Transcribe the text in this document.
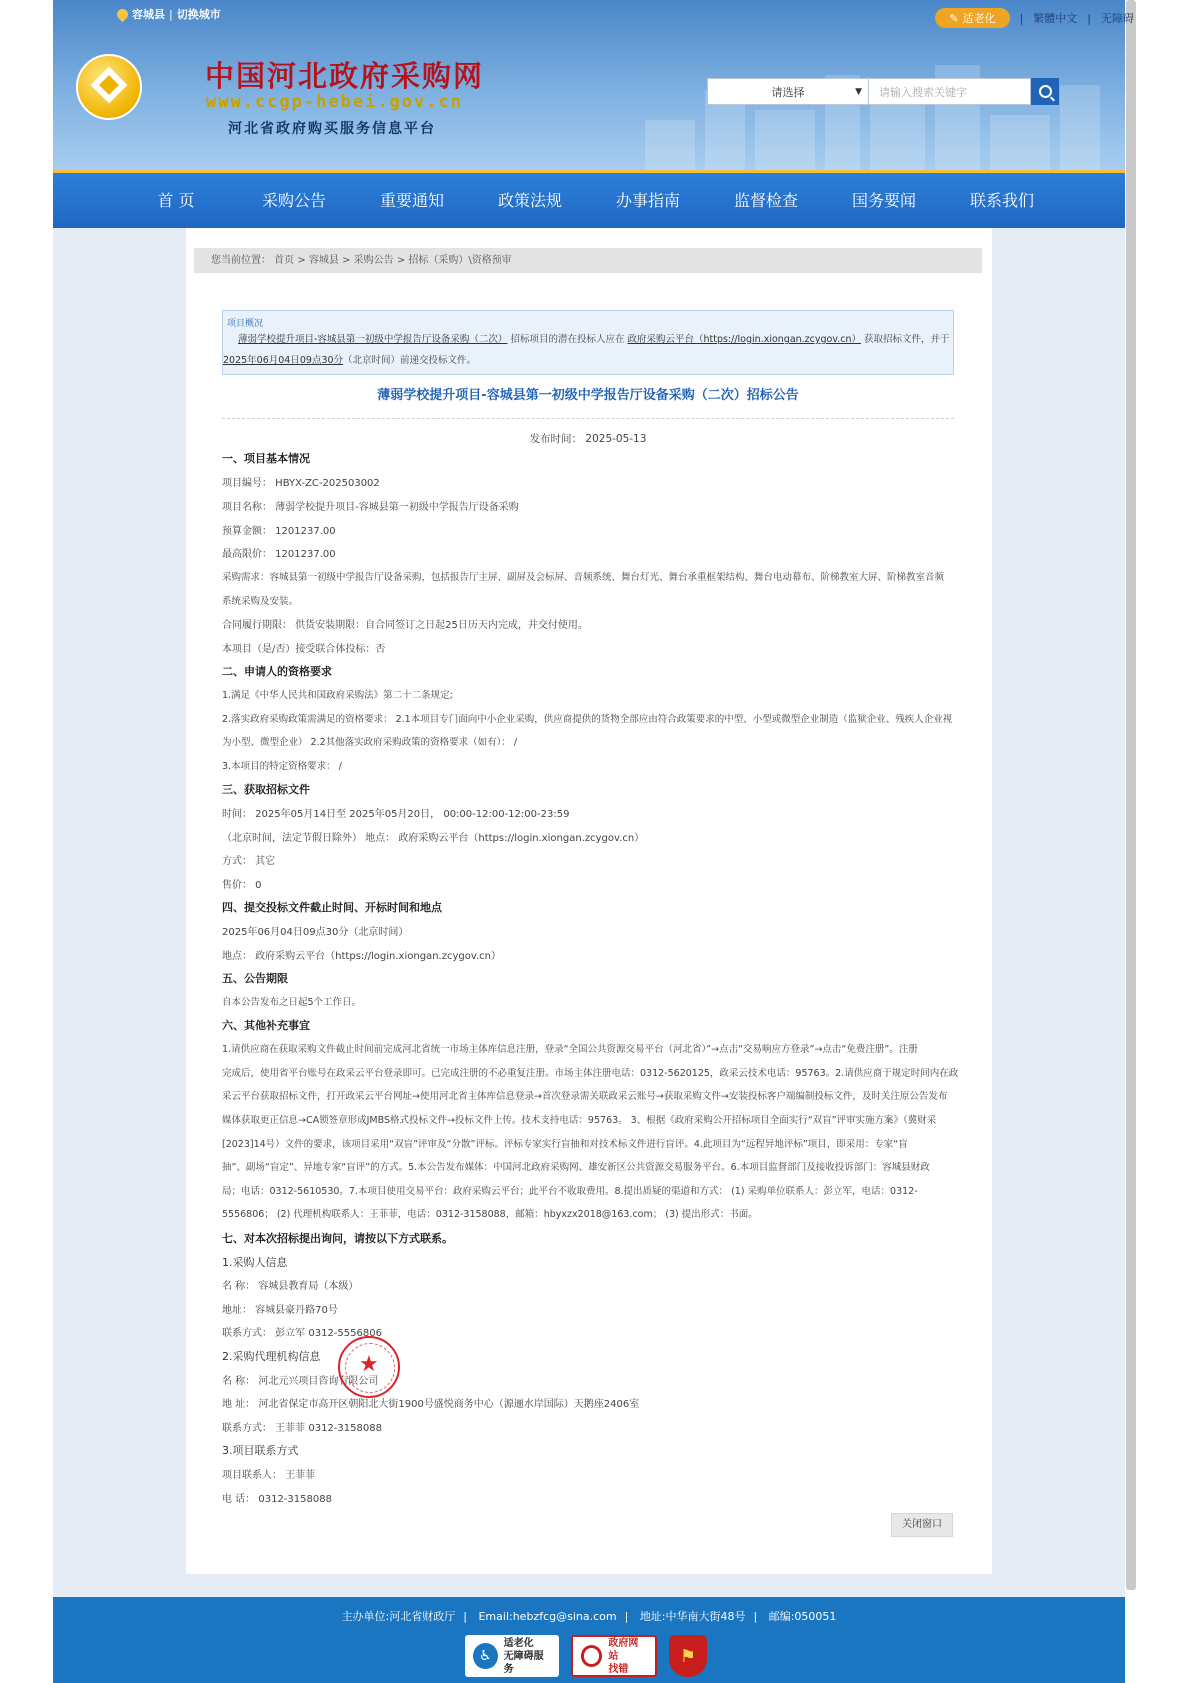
容城县 | 切换城市	✎ 适老化 | 繁體中文 | 无障碍
中国河北政府采购网
www.ccgp-hebei.gov.cn
河北省政府购买服务信息平台
请选择	▼	请输入搜索关键字
首 页	采购公告	重要通知	政策法规	办事指南	监督检查	国务要闻	联系我们
您当前位置： 首页 > 容城县 > 采购公告 > 招标（采购）\资格预审
项目概况
薄弱学校提升项目-容城县第一初级中学报告厅设备采购（二次） 招标项目的潜在投标人应在 政府采购云平台（https://login.xiongan.zcygov.cn） 获取招标文件，并于
2025年06月04日09点30分（北京时间）前递交投标文件。
薄弱学校提升项目-容城县第一初级中学报告厅设备采购（二次）招标公告
发布时间： 2025-05-13
一、项目基本情况
项目编号： HBYX-ZC-202503002
项目名称： 薄弱学校提升项目-容城县第一初级中学报告厅设备采购
预算金额： 1201237.00
最高限价： 1201237.00
采购需求：容城县第一初级中学报告厅设备采购，包括报告厅主屏、副屏及会标屏、音频系统、舞台灯光、舞台承重框架结构、舞台电动幕布、阶梯教室大屏、阶梯教室音频
系统采购及安装。
合同履行期限： 供货安装期限：自合同签订之日起25日历天内完成，并交付使用。
本项目（是/否）接受联合体投标：否
二、申请人的资格要求
1.满足《中华人民共和国政府采购法》第二十二条规定;
2.落实政府采购政策需满足的资格要求： 2.1本项目专门面向中小企业采购，供应商提供的货物全部应由符合政策要求的中型、小型或微型企业制造（监狱企业、残疾人企业视
为小型、微型企业） 2.2其他落实政府采购政策的资格要求（如有）： /
3.本项目的特定资格要求： /
三、获取招标文件
时间： 2025年05月14日至 2025年05月20日， 00:00-12:00-12:00-23:59
（北京时间，法定节假日除外） 地点： 政府采购云平台（https://login.xiongan.zcygov.cn）
方式： 其它
售价： 0
四、提交投标文件截止时间、开标时间和地点
2025年06月04日09点30分（北京时间）
地点： 政府采购云平台（https://login.xiongan.zcygov.cn）
五、公告期限
自本公告发布之日起5个工作日。
六、其他补充事宜
1.请供应商在获取采购文件截止时间前完成河北省统一市场主体库信息注册，登录“全国公共资源交易平台（河北省）”→点击“交易响应方登录”→点击“免费注册”。注册
完成后，使用省平台账号在政采云平台登录即可。已完成注册的不必重复注册。市场主体注册电话：0312-5620125，政采云技术电话：95763。2.请供应商于规定时间内在政
采云平台获取招标文件，打开政采云平台网址→使用河北省主体库信息登录→首次登录需关联政采云账号→获取采购文件→安装投标客户端编制投标文件，及时关注原公告发布
媒体获取更正信息→CA锁签章形成JMBS格式投标文件→投标文件上传。技术支持电话：95763。 3、根据《政府采购公开招标项目全面实行“双盲”评审实施方案》（冀财采
[2023]14号）文件的要求，该项目采用“双盲”评审及“分散”评标。评标专家实行盲抽和对技术标文件进行盲评。4.此项目为“远程异地评标”项目，即采用：专家“盲
抽”、副场“盲定”、异地专家“盲评”的方式。5.本公告发布媒体：中国河北政府采购网、雄安新区公共资源交易服务平台。6.本项目监督部门及接收投诉部门：容城县财政
局；电话：0312-5610530。7.本项目使用交易平台：政府采购云平台；此平台不收取费用。8.提出质疑的渠道和方式： (1) 采购单位联系人：彭立军，电话：0312-
5556806； (2) 代理机构联系人：王菲菲，电话：0312-3158088，邮箱：hbyxzx2018@163.com； (3) 提出形式：书面。
七、对本次招标提出询问，请按以下方式联系。
1.采购人信息
名 称： 容城县教育局（本级）
地址： 容城县豪丹路70号
联系方式： 彭立军 0312-5556806
2.采购代理机构信息
名 称： 河北元兴项目咨询有限公司
地 址： 河北省保定市高开区朝阳北大街1900号盛悦商务中心（源逦水岸国际）天鹅座2406室
联系方式： 王菲菲 0312-3158088
3.项目联系方式
项目联系人： 王菲菲
电 话： 0312-3158088
★
关闭窗口
主办单位:河北省财政厅 | Email:hebzfcg@sina.com | 地址:中华南大街48号 | 邮编:050051
♿
适老化
无障碍服务
政府网站
找错
⚑
